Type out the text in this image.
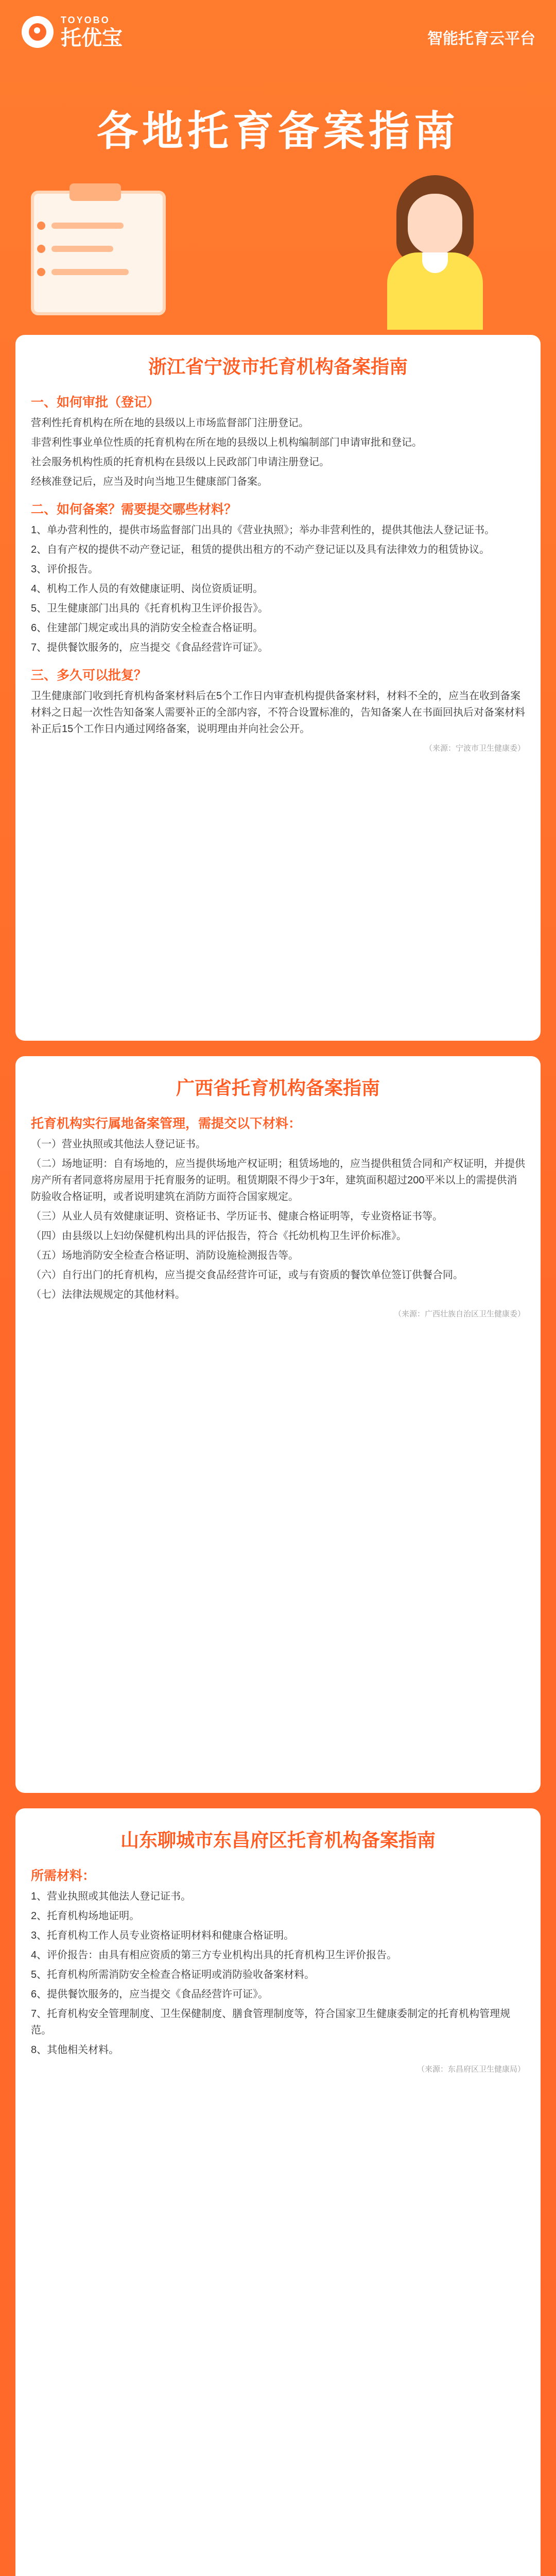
TOYOBO
托优宝	智能托育云平台
各地托育备案指南
浙江省宁波市托育机构备案指南
一、如何审批（登记）
营利性托育机构在所在地的县级以上市场监督部门注册登记。
非营利性事业单位性质的托育机构在所在地的县级以上机构编制部门申请审批和登记。
社会服务机构性质的托育机构在县级以上民政部门申请注册登记。
经核准登记后，应当及时向当地卫生健康部门备案。
二、如何备案？需要提交哪些材料？
1、单办营利性的，提供市场监督部门出具的《营业执照》；举办非营利性的，提供其他法人登记证书。
2、自有产权的提供不动产登记证，租赁的提供出租方的不动产登记证以及具有法律效力的租赁协议。
3、评价报告。
4、机构工作人员的有效健康证明、岗位资质证明。
5、卫生健康部门出具的《托育机构卫生评价报告》。
6、住建部门规定或出具的消防安全检查合格证明。
7、提供餐饮服务的，应当提交《食品经营许可证》。
三、多久可以批复？
卫生健康部门收到托育机构备案材料后在5个工作日内审查机构提供备案材料，材料不全的，应当在收到备案材料之日起一次性告知备案人需要补正的全部内容，不符合设置标准的，告知备案人在书面回执后对备案材料补正后15个工作日内通过网络备案，说明理由并向社会公开。
（来源：宁波市卫生健康委）
广西省托育机构备案指南
托育机构实行属地备案管理，需提交以下材料：
（一）营业执照或其他法人登记证书。
（二）场地证明：自有场地的，应当提供场地产权证明；租赁场地的，应当提供租赁合同和产权证明，并提供房产所有者同意将房屋用于托育服务的证明。租赁期限不得少于3年，建筑面积超过200平米以上的需提供消防验收合格证明，或者说明建筑在消防方面符合国家规定。
（三）从业人员有效健康证明、资格证书、学历证书、健康合格证明等，专业资格证书等。
（四）由县级以上妇幼保健机构出具的评估报告，符合《托幼机构卫生评价标准》。
（五）场地消防安全检查合格证明、消防设施检测报告等。
（六）自行出门的托育机构，应当提交食品经营许可证，或与有资质的餐饮单位签订供餐合同。
（七）法律法规规定的其他材料。
（来源：广西壮族自治区卫生健康委）
山东聊城市东昌府区托育机构备案指南
所需材料：
1、营业执照或其他法人登记证书。
2、托育机构场地证明。
3、托育机构工作人员专业资格证明材料和健康合格证明。
4、评价报告：由具有相应资质的第三方专业机构出具的托育机构卫生评价报告。
5、托育机构所需消防安全检查合格证明或消防验收备案材料。
6、提供餐饮服务的，应当提交《食品经营许可证》。
7、托育机构安全管理制度、卫生保健制度、膳食管理制度等，符合国家卫生健康委制定的托育机构管理规范。
8、其他相关材料。
（来源：东昌府区卫生健康局）
